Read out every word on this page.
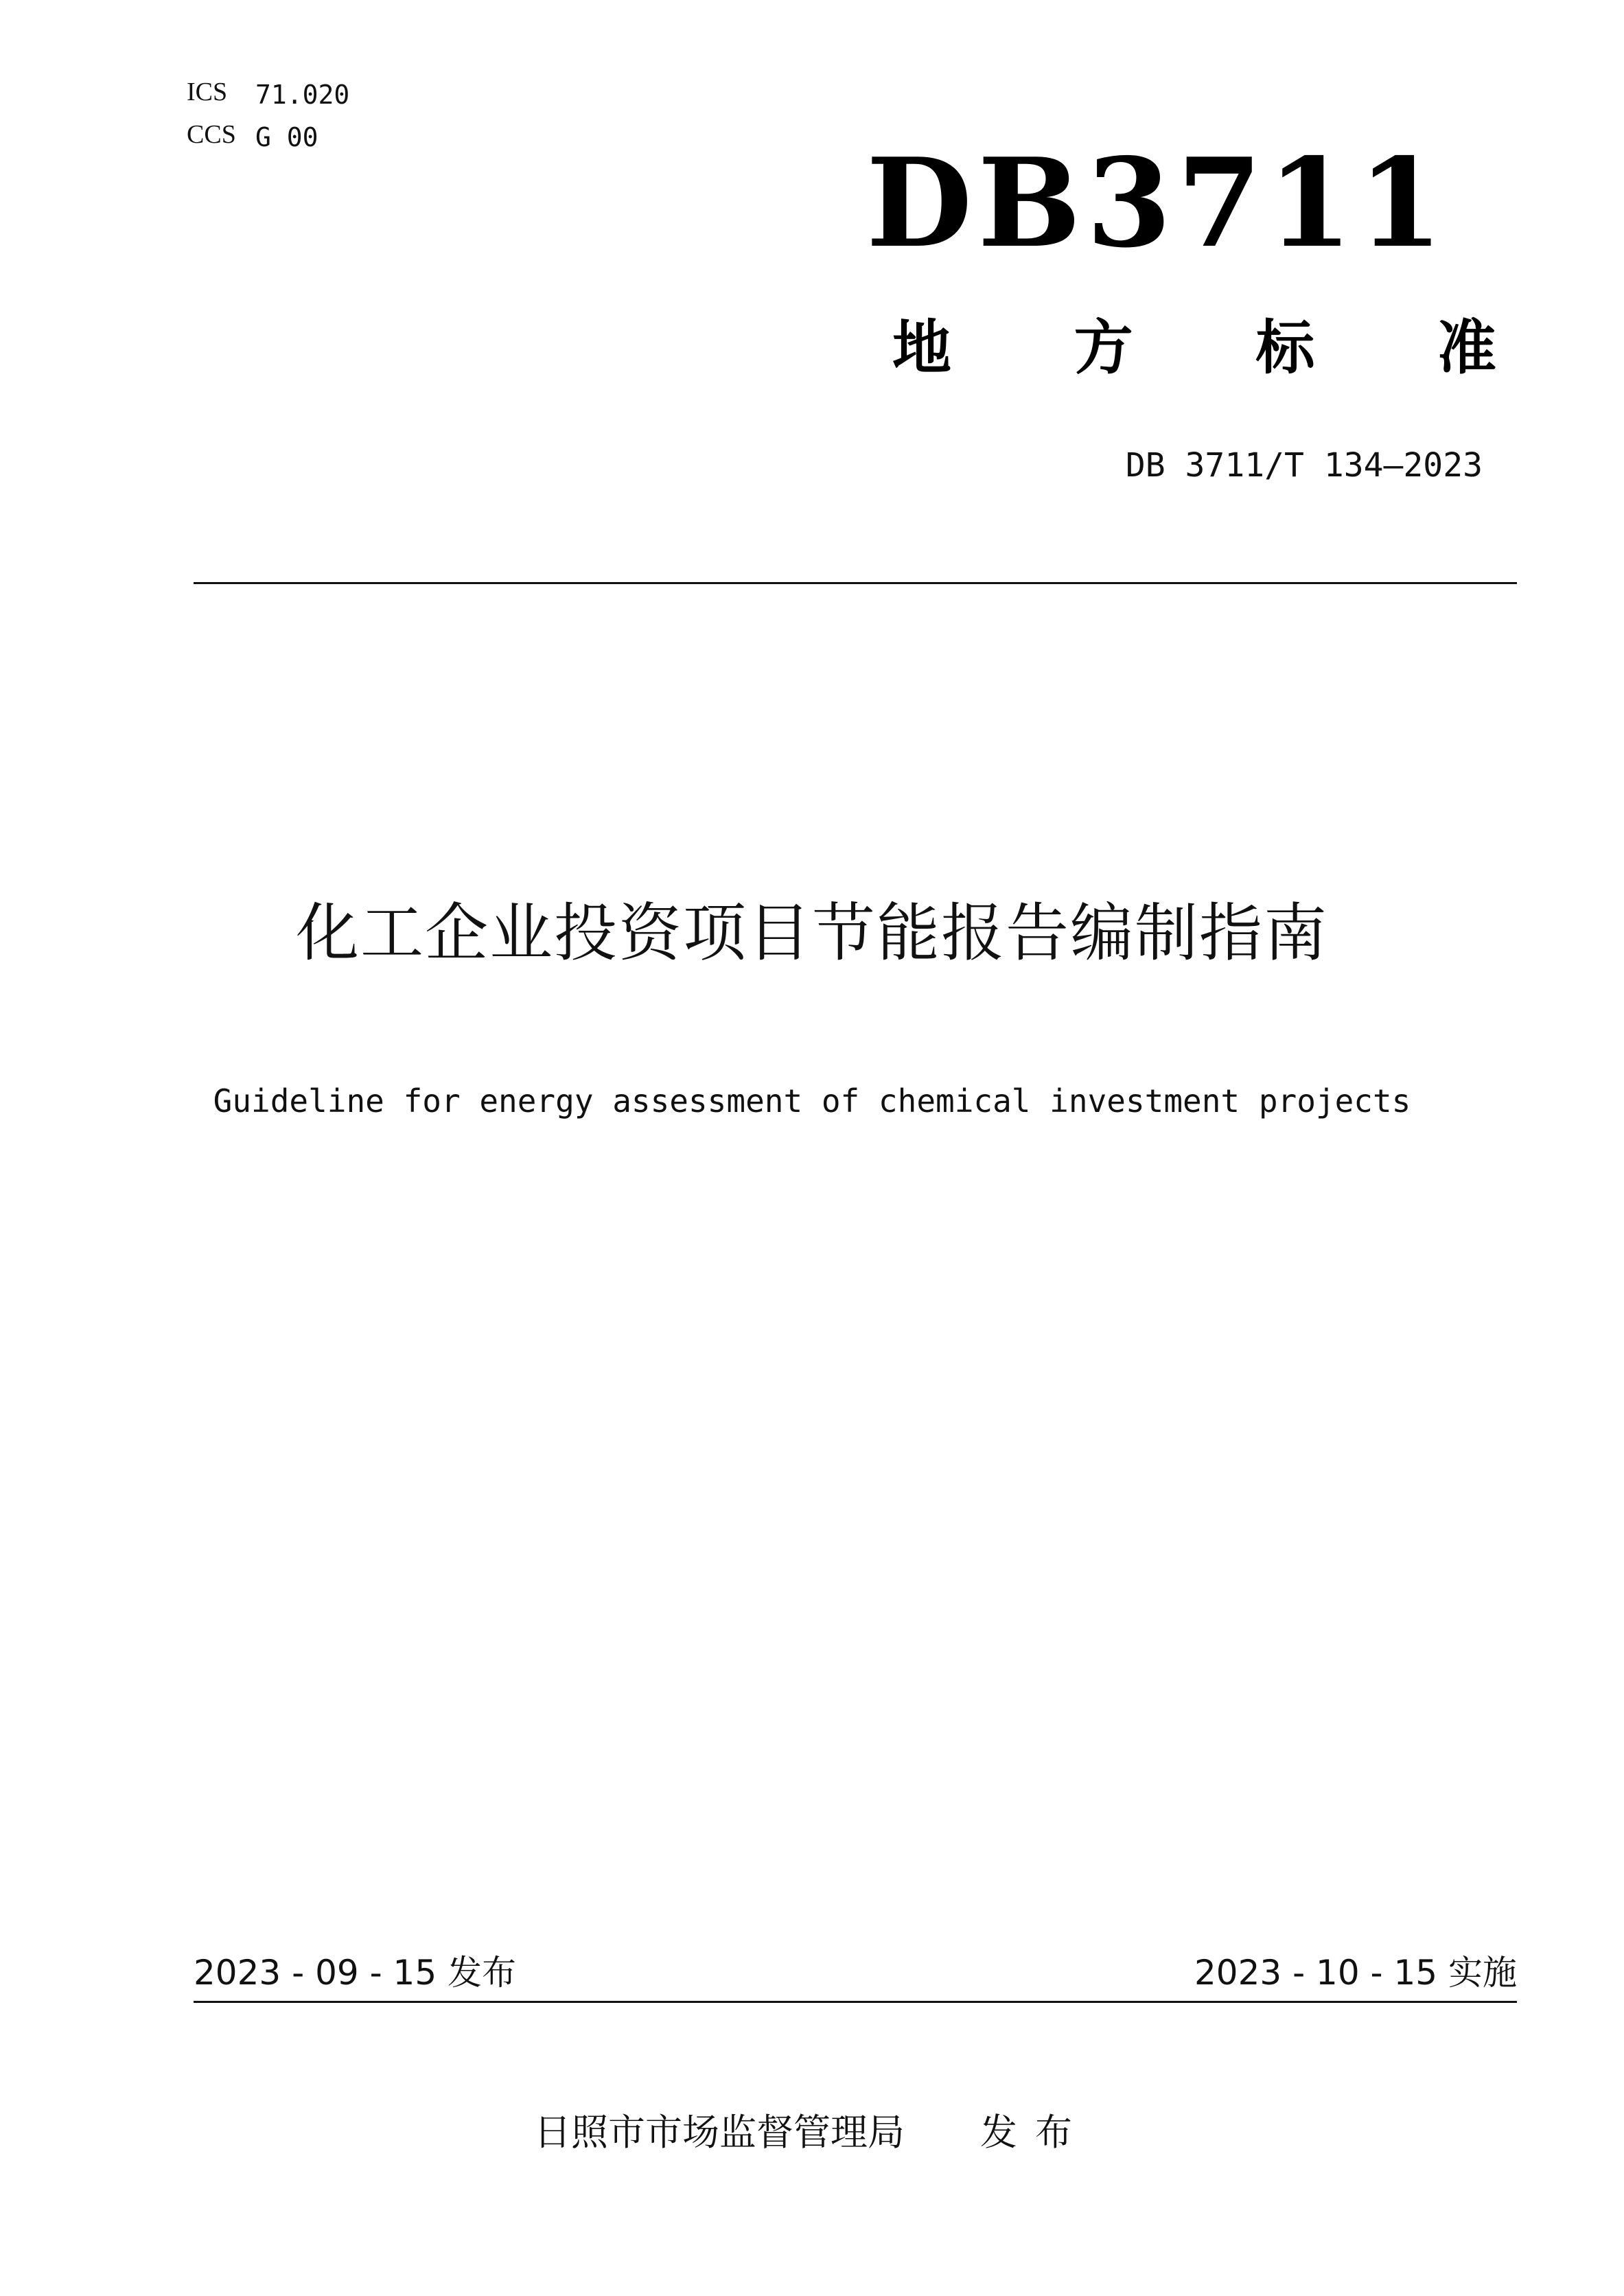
ICS 71.020
CCS G 00	DB3711
地 方 标 准
DB 3711/T 134—2023
化工企业投资项目节能报告编制指南
Guideline for energy assessment of chemical investment projects
2023 - 09 - 15 发布	2023 - 10 - 15 实施
日照市市场监督管理局 发布
